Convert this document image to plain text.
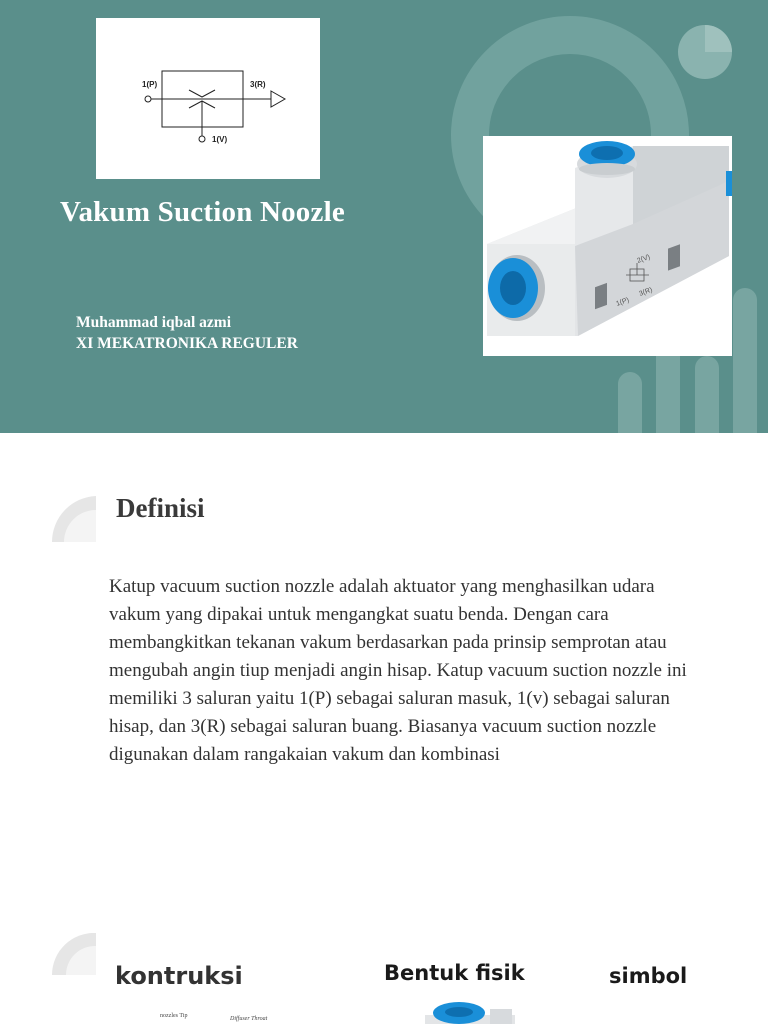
1(P)	3(R)
1(V)
Vakum Suction Noozle
Muhammad iqbal azmi
XI MEKATRONIKA REGULER
2(V)
1(P)
3(R)
Definisi

Katup vacuum suction nozzle adalah aktuator yang menghasilkan udara vakum yang dipakai untuk mengangkat suatu benda. Dengan cara membangkitkan tekanan vakum berdasarkan pada prinsip semprotan atau mengubah angin tiup menjadi angin hisap. Katup vacuum suction nozzle ini memiliki 3 saluran yaitu 1(P) sebagai saluran masuk, 1(v) sebagai saluran hisap, dan 3(R) sebagai saluran buang. Biasanya vacuum suction nozzle digunakan dalam rangakaian vakum dan kombinasi

kontruksi	Bentuk fisik	simbol
nozzles Tip	Diffuser Throat
